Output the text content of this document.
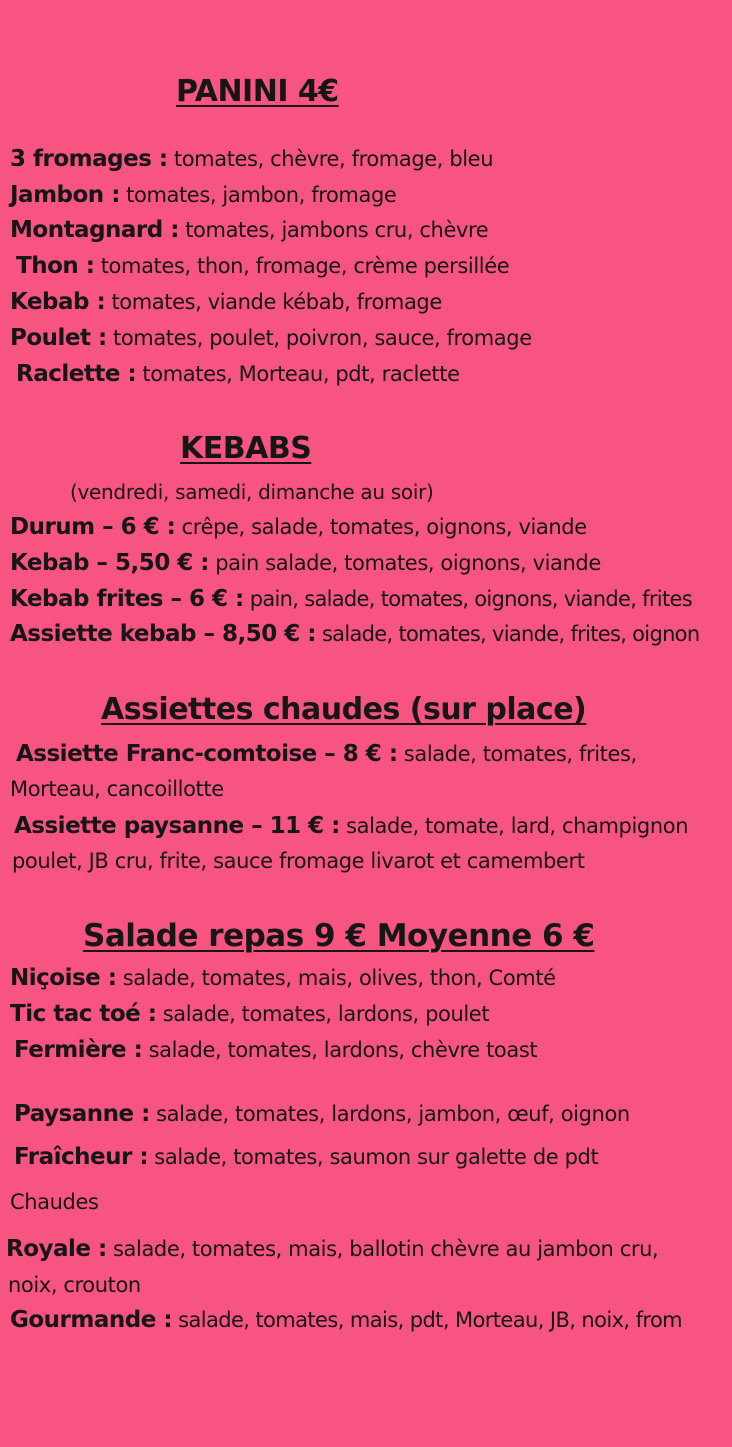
PANINI 4€
3 fromages : tomates, chèvre, fromage, bleu
Jambon : tomates, jambon, fromage
Montagnard : tomates, jambons cru, chèvre
Thon : tomates, thon, fromage, crème persillée
Kebab : tomates, viande kébab, fromage
Poulet : tomates, poulet, poivron, sauce, fromage
Raclette : tomates, Morteau, pdt, raclette
KEBABS
(vendredi, samedi, dimanche au soir)
Durum – 6 € : crêpe, salade, tomates, oignons, viande
Kebab – 5,50 € : pain salade, tomates, oignons, viande
Kebab frites – 6 € : pain, salade, tomates, oignons, viande, frites
Assiette kebab – 8,50 € : salade, tomates, viande, frites, oignon
Assiettes chaudes (sur place)
Assiette Franc-comtoise – 8 € : salade, tomates, frites,
Morteau, cancoillotte
Assiette paysanne – 11 € : salade, tomate, lard, champignon
poulet, JB cru, frite, sauce fromage livarot et camembert
Salade repas 9 € Moyenne 6 €
Niçoise : salade, tomates, mais, olives, thon, Comté
Tic tac toé : salade, tomates, lardons, poulet
Fermière : salade, tomates, lardons, chèvre toast
Paysanne : salade, tomates, lardons, jambon, œuf, oignon
Fraîcheur : salade, tomates, saumon sur galette de pdt
Chaudes
Royale : salade, tomates, mais, ballotin chèvre au jambon cru,
noix, crouton
Gourmande : salade, tomates, mais, pdt, Morteau, JB, noix, from
